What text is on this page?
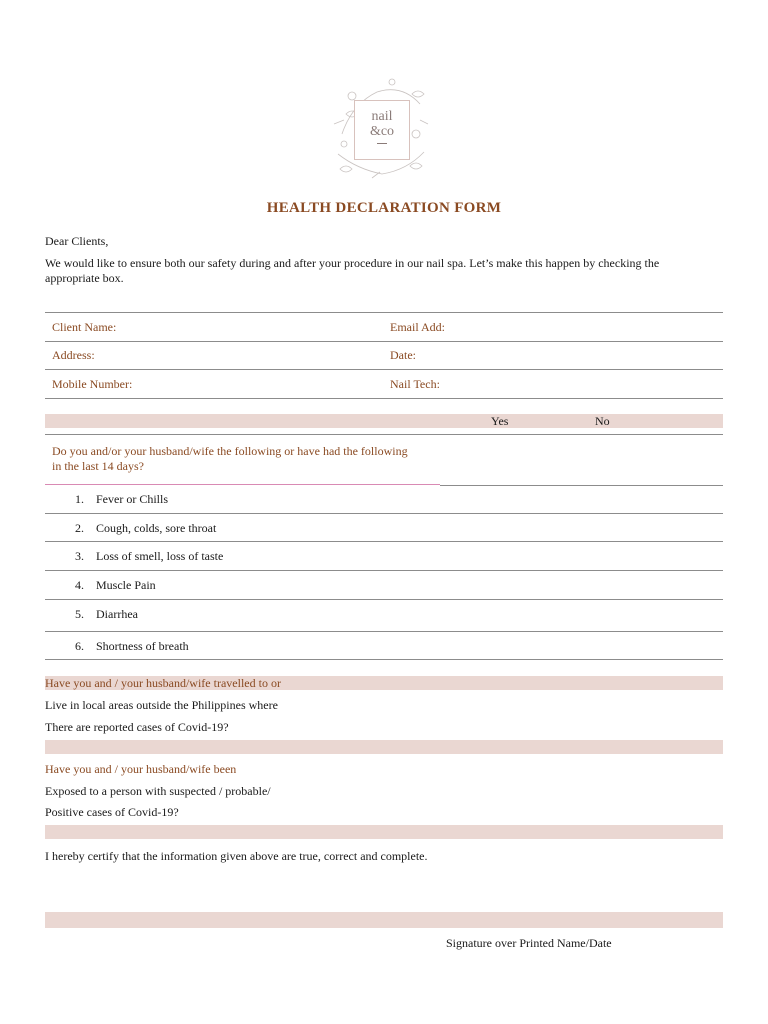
nail
&co
HEALTH DECLARATION FORM
Dear Clients,
We would like to ensure both our safety during and after your procedure in our nail spa. Let’s make this happen by checking the
appropriate box.
Client Name:	Email Add:
Address:	Date:
Mobile Number:	Nail Tech:
Yes	No
Do you and/or your husband/wife the following or have had the following
in the last 14 days?
1. Fever or Chills
2. Cough, colds, sore throat
3. Loss of smell, loss of taste
4. Muscle Pain
5. Diarrhea
6. Shortness of breath
Have you and / your husband/wife travelled to or
Live in local areas outside the Philippines where
There are reported cases of Covid-19?
Have you and / your husband/wife been
Exposed to a person with suspected / probable/
Positive cases of Covid-19?
I hereby certify that the information given above are true, correct and complete.
Signature over Printed Name/Date
